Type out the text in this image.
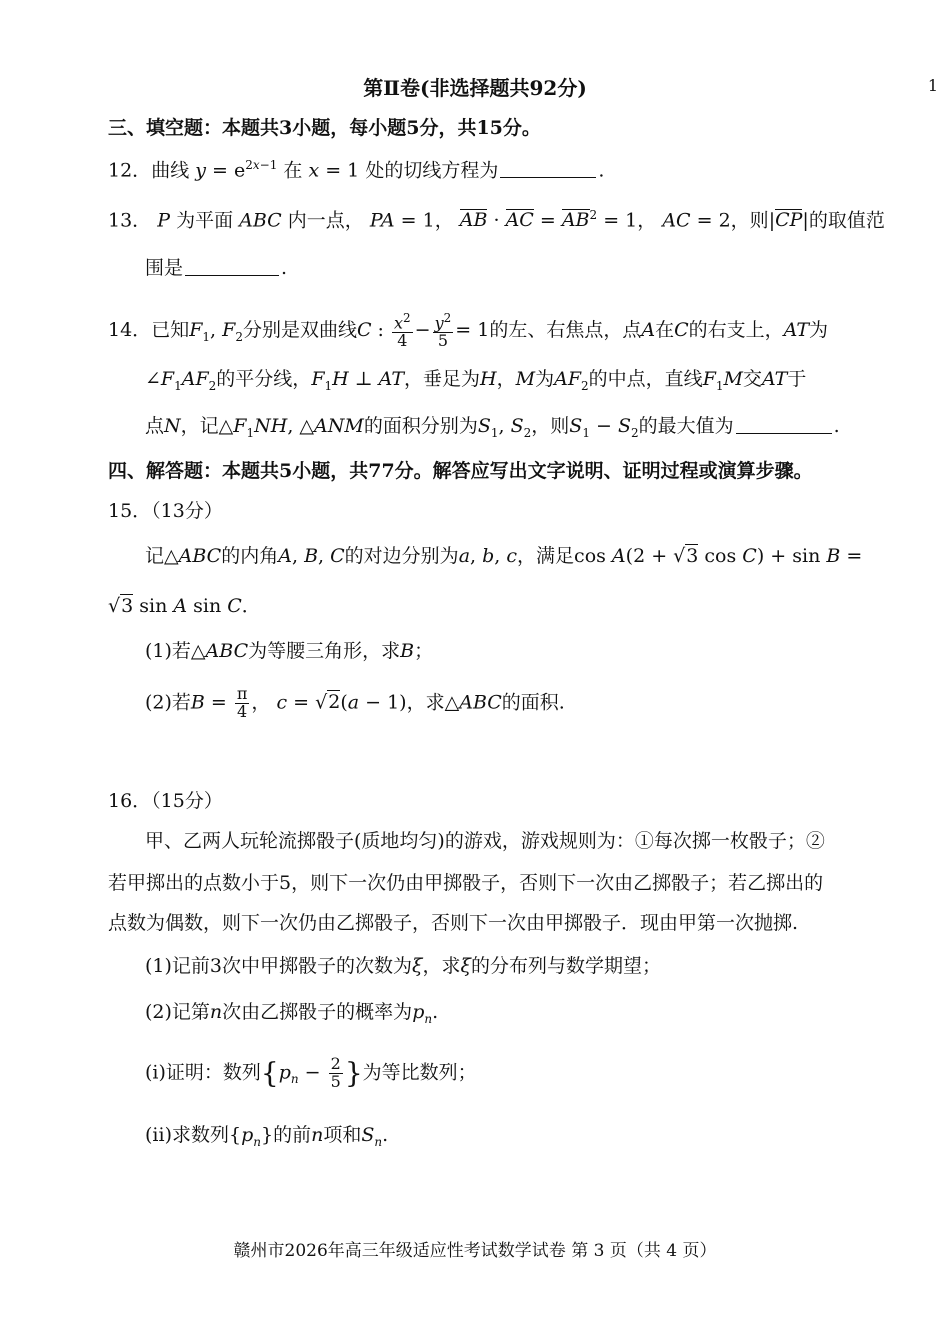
1
第Ⅱ卷(非选择题共92分)
三、填空题：本题共3小题，每小题5分，共15分。
12．曲线 $y = e^{2x-1}$ 在 x = 1 处的切线方程为	.
13． P 为平面 ABC 内一点， PA = 1， AB · AC = $AB^2 = 1$， AC = 2，则|CP|的取值范
围是	.
14．已知$F_1$, $F_2$分别是双曲线C : $\frac{x^2}{4} - \frac{y^2}{5} = 1$的左、右焦点，点A在C的右支上，AT为
$\angle F_1AF_2$的平分线，$F_1H$ ⊥ AT，垂足为H，M为$AF_2$的中点，直线$F_1M$交AT于
点N，记$\triangle F_1NH$, △ANM的面积分别为$S_1$, $S_2$，则$S_1 - S_2$的最大值为	.
四、解答题：本题共5小题，共77分。解答应写出文字说明、证明过程或演算步骤。
15．（13分）
记△ABC的内角A, B, C的对边分别为a, b, c，满足cos A(2 + √3 cos C) + sin B =
√3 sin A sin C．
(1)若△ABC为等腰三角形，求B；
(2)若$B = \frac{\pi}{4}$ ， c = √2(a − 1)，求△ABC的面积.
16．（15分）
甲、乙两人玩轮流掷骰子(质地均匀)的游戏，游戏规则为：①每次掷一枚骰子；②
若甲掷出的点数小于5，则下一次仍由甲掷骰子，否则下一次由乙掷骰子；若乙掷出的
点数为偶数，则下一次仍由乙掷骰子，否则下一次由甲掷骰子．现由甲第一次抛掷.
(1)记前3次中甲掷骰子的次数为ξ，求ξ的分布列与数学期望；
(2)记第n次由乙掷骰子的概率为$p_n$.
(i)证明：数列{$p_n - \frac{2}{5}$ }为等比数列；
(ii)求数列$\{p_n\}$的前n项和$S_n$.
赣州市2026年高三年级适应性考试数学试卷 第 3 页（共 4 页）
